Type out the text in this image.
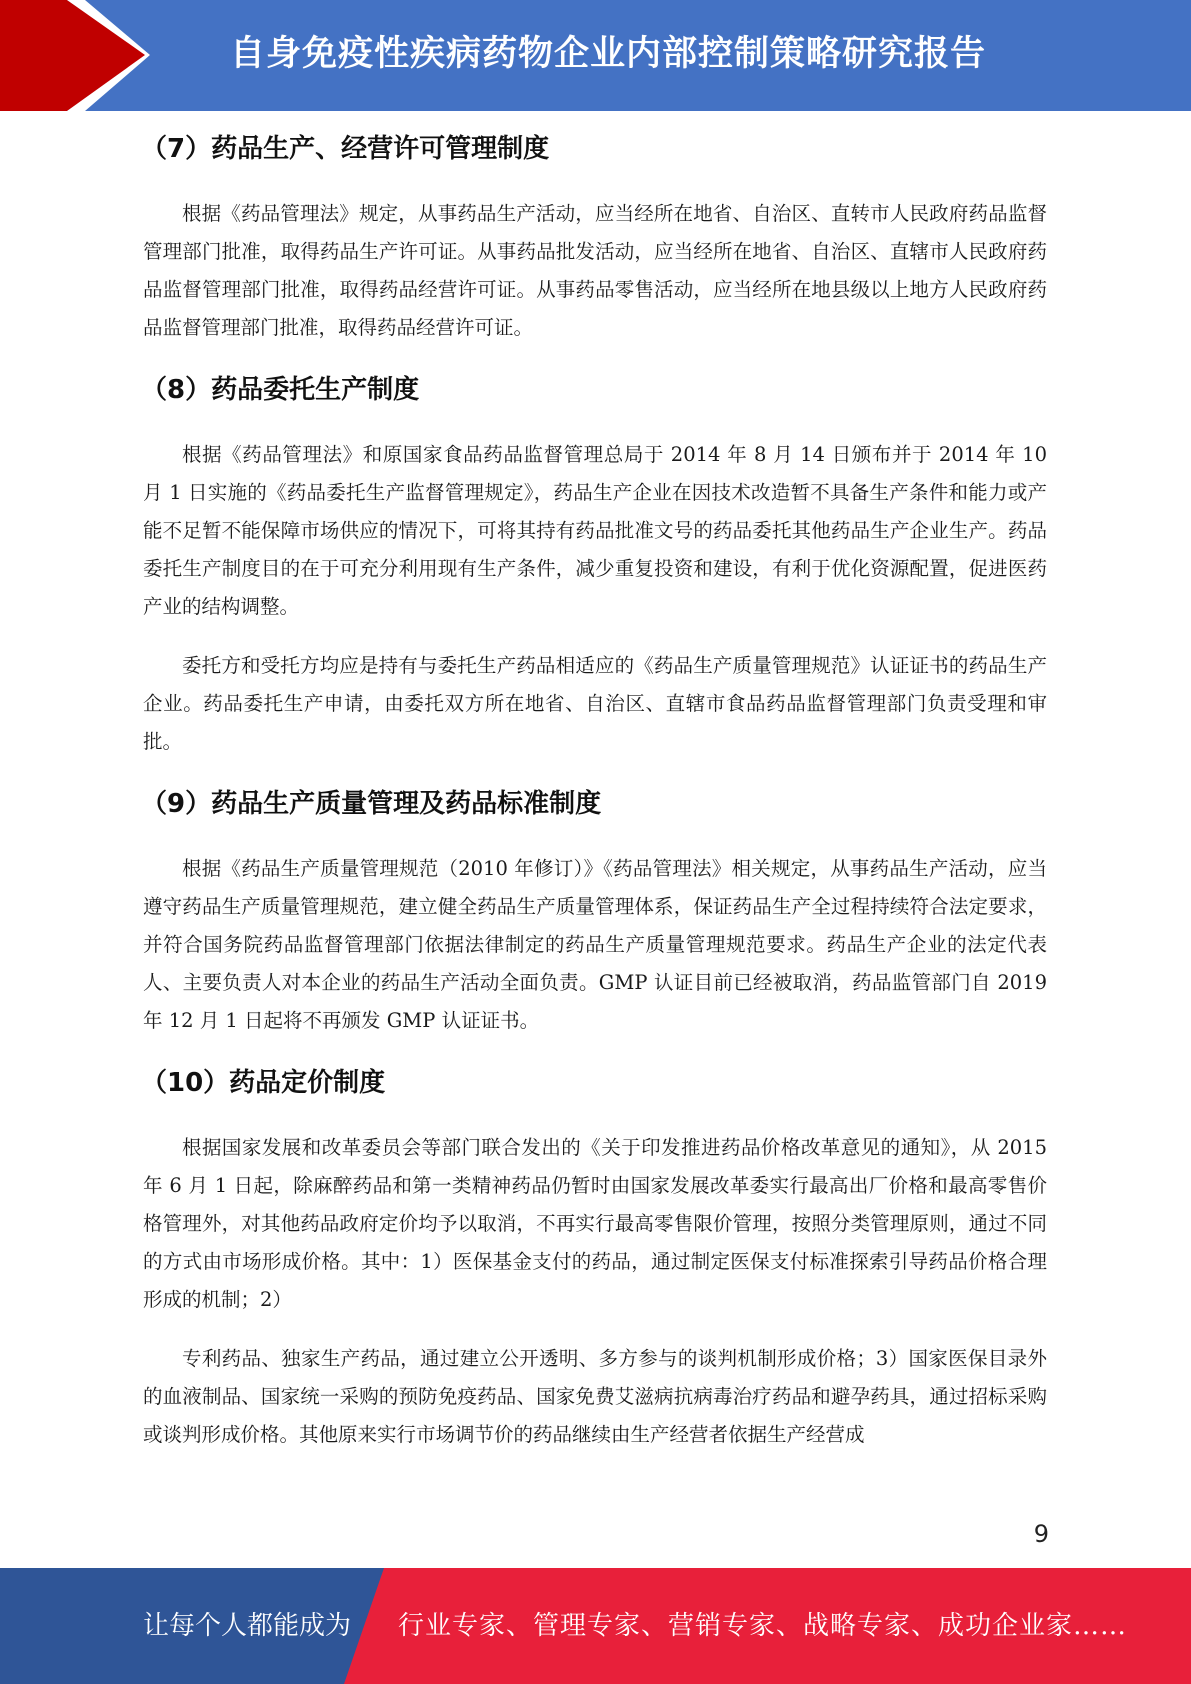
自身免疫性疾病药物企业内部控制策略研究报告
（7）药品生产、经营许可管理制度

根据《药品管理法》规定，从事药品生产活动，应当经所在地省、自治区、直转市人民政府药品监督管理部门批准，取得药品生产许可证。从事药品批发活动，应当经所在地省、自治区、直辖市人民政府药品监督管理部门批准，取得药品经营许可证。从事药品零售活动，应当经所在地县级以上地方人民政府药品监督管理部门批准，取得药品经营许可证。

（8）药品委托生产制度

根据《药品管理法》和原国家食品药品监督管理总局于 2014 年 8 月 14 日颁布并于 2014 年 10 月 1 日实施的《药品委托生产监督管理规定》，药品生产企业在因技术改造暂不具备生产条件和能力或产能不足暂不能保障市场供应的情况下，可将其持有药品批准文号的药品委托其他药品生产企业生产。药品委托生产制度目的在于可充分利用现有生产条件，减少重复投资和建设，有利于优化资源配置，促进医药产业的结构调整。

委托方和受托方均应是持有与委托生产药品相适应的《药品生产质量管理规范》认证证书的药品生产企业。药品委托生产申请，由委托双方所在地省、自治区、直辖市食品药品监督管理部门负责受理和审批。

（9）药品生产质量管理及药品标准制度

根据《药品生产质量管理规范（2010 年修订）》《药品管理法》相关规定，从事药品生产活动，应当遵守药品生产质量管理规范，建立健全药品生产质量管理体系，保证药品生产全过程持续符合法定要求，并符合国务院药品监督管理部门依据法律制定的药品生产质量管理规范要求。药品生产企业的法定代表人、主要负责人对本企业的药品生产活动全面负责。GMP 认证目前已经被取消，药品监管部门自 2019 年 12 月 1 日起将不再颁发 GMP 认证证书。

（10）药品定价制度

根据国家发展和改革委员会等部门联合发出的《关于印发推进药品价格改革意见的通知》，从 2015 年 6 月 1 日起，除麻醉药品和第一类精神药品仍暂时由国家发展改革委实行最高出厂价格和最高零售价格管理外，对其他药品政府定价均予以取消，不再实行最高零售限价管理，按照分类管理原则，通过不同的方式由市场形成价格。其中：1）医保基金支付的药品，通过制定医保支付标准探索引导药品价格合理形成的机制；2）

专利药品、独家生产药品，通过建立公开透明、多方参与的谈判机制形成价格；3）国家医保目录外的血液制品、国家统一采购的预防免疫药品、国家免费艾滋病抗病毒治疗药品和避孕药具，通过招标采购或谈判形成价格。其他原来实行市场调节价的药品继续由生产经营者依据生产经营成

9
让每个人都能成为 行业专家、管理专家、营销专家、战略专家、成功企业家……
